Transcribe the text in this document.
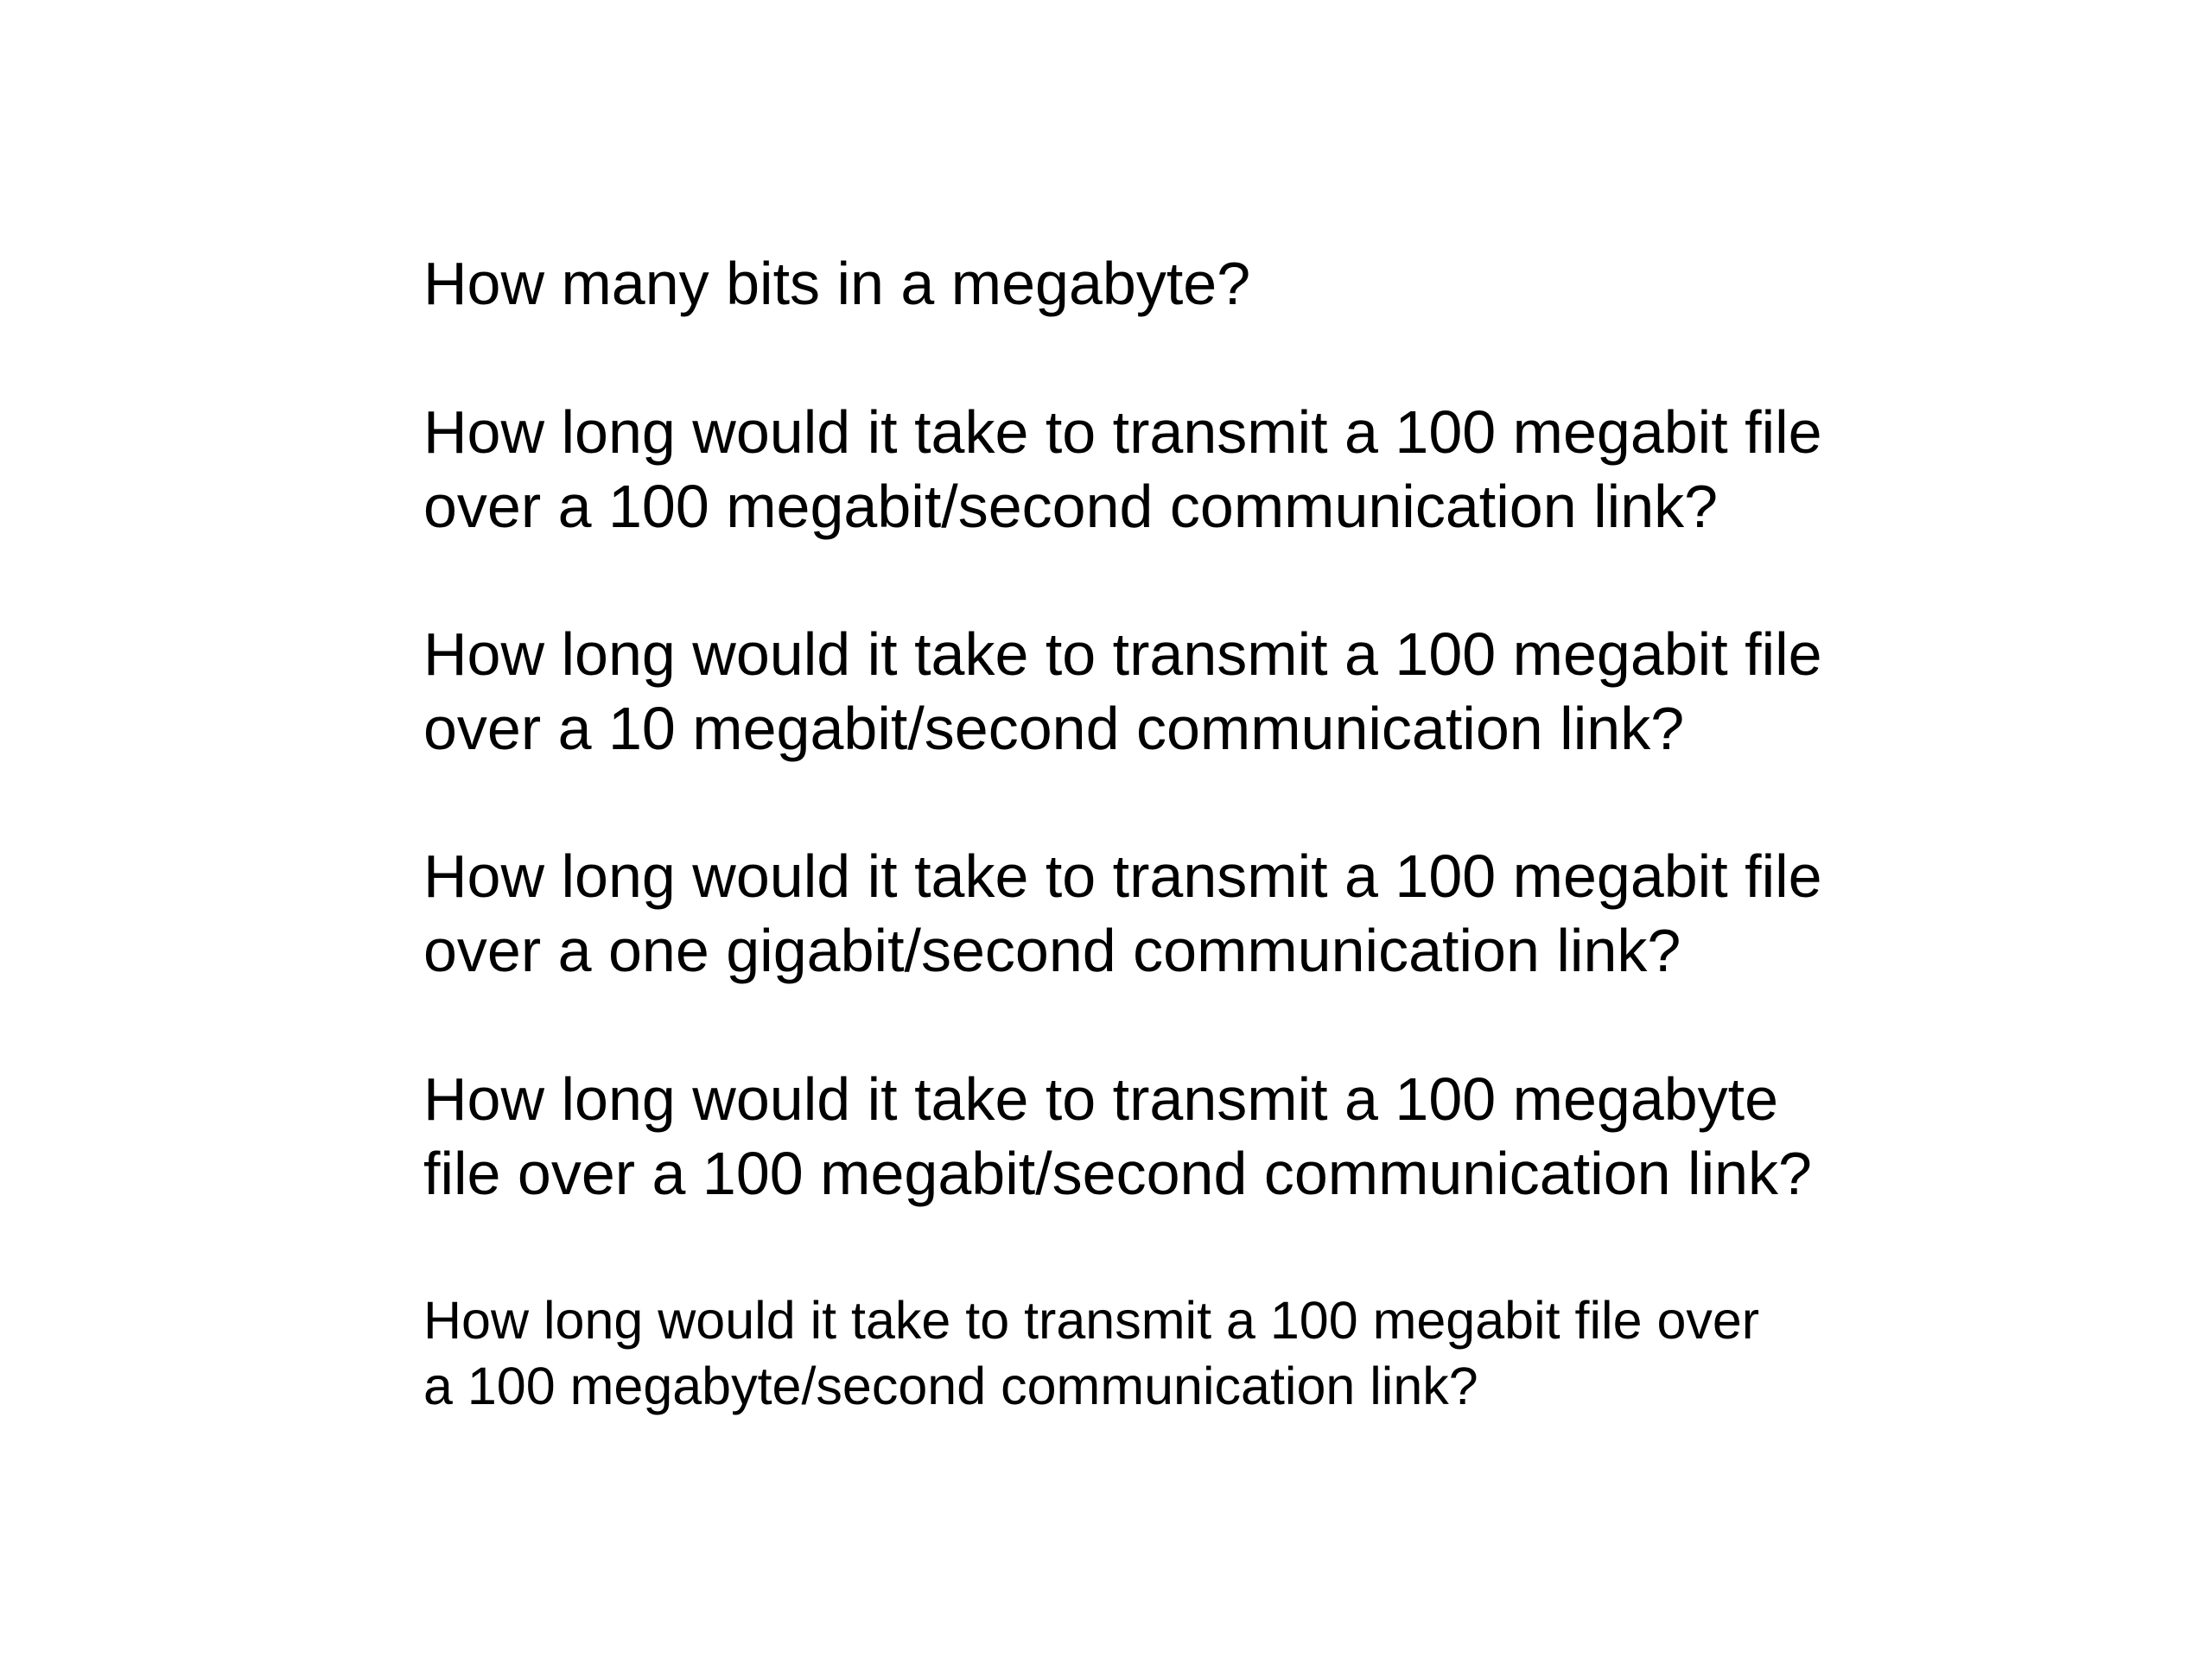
How many bits in a megabyte?

How long would it take to transmit a 100 megabit file
over a 100 megabit/second communication link?

How long would it take to transmit a 100 megabit file
over a 10 megabit/second communication link?

How long would it take to transmit a 100 megabit file
over a one gigabit/second communication link?

How long would it take to transmit a 100 megabyte
file over a 100 megabit/second communication link?

How long would it take to transmit a 100 megabit file over
a 100 megabyte/second communication link?
